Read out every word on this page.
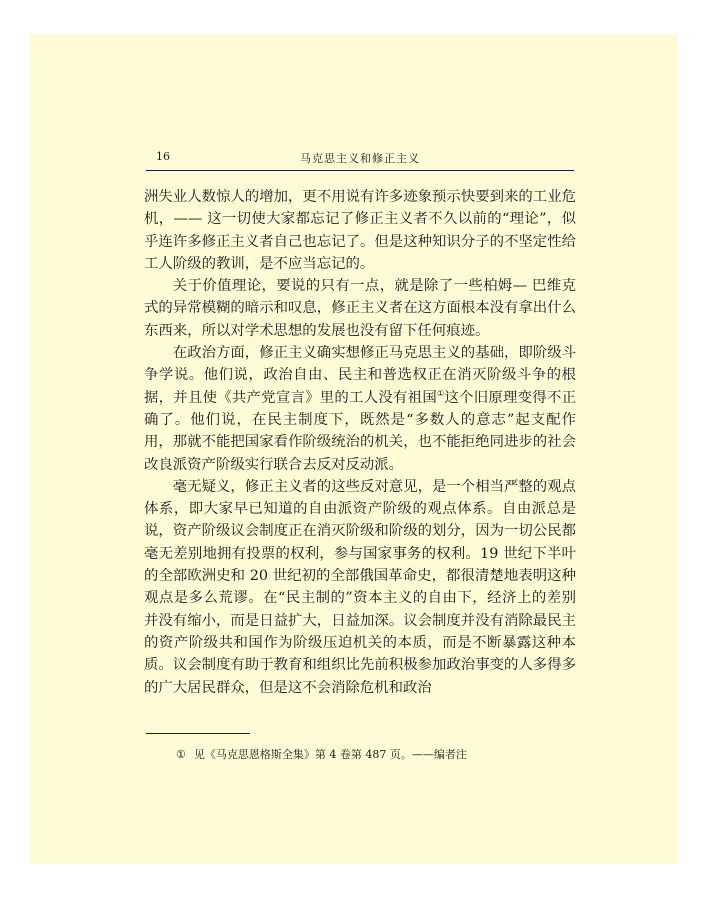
16	马克思主义和修正主义

洲失业人数惊人的增加，更不用说有许多迹象预示快要到来的工业危机，—— 这一切使大家都忘记了修正主义者不久以前的“理论”，似乎连许多修正主义者自己也忘记了。但是这种知识分子的不坚定性给工人阶级的教训，是不应当忘记的。

关于价值理论，要说的只有一点，就是除了一些柏姆— 巴维克式的异常模糊的暗示和叹息，修正主义者在这方面根本没有拿出什么东西来，所以对学术思想的发展也没有留下任何痕迹。

在政治方面，修正主义确实想修正马克思主义的基础，即阶级斗争学说。他们说，政治自由、民主和普选权正在消灭阶级斗争的根据，并且使《共产党宣言》里的工人没有祖国①这个旧原理变得不正确了。他们说，在民主制度下，既然是“多数人的意志”起支配作用，那就不能把国家看作阶级统治的机关，也不能拒绝同进步的社会改良派资产阶级实行联合去反对反动派。

毫无疑义，修正主义者的这些反对意见，是一个相当严整的观点体系，即大家早已知道的自由派资产阶级的观点体系。自由派总是说，资产阶级议会制度正在消灭阶级和阶级的划分，因为一切公民都毫无差别地拥有投票的权利，参与国家事务的权利。19 世纪下半叶的全部欧洲史和 20 世纪初的全部俄国革命史，都很清楚地表明这种观点是多么荒谬。在“民主制的”资本主义的自由下，经济上的差别并没有缩小，而是日益扩大，日益加深。议会制度并没有消除最民主的资产阶级共和国作为阶级压迫机关的本质，而是不断暴露这种本质。议会制度有助于教育和组织比先前积极参加政治事变的人多得多的广大居民群众，但是这不会消除危机和政治

① 见《马克思恩格斯全集》第 4 卷第 487 页。——编者注
